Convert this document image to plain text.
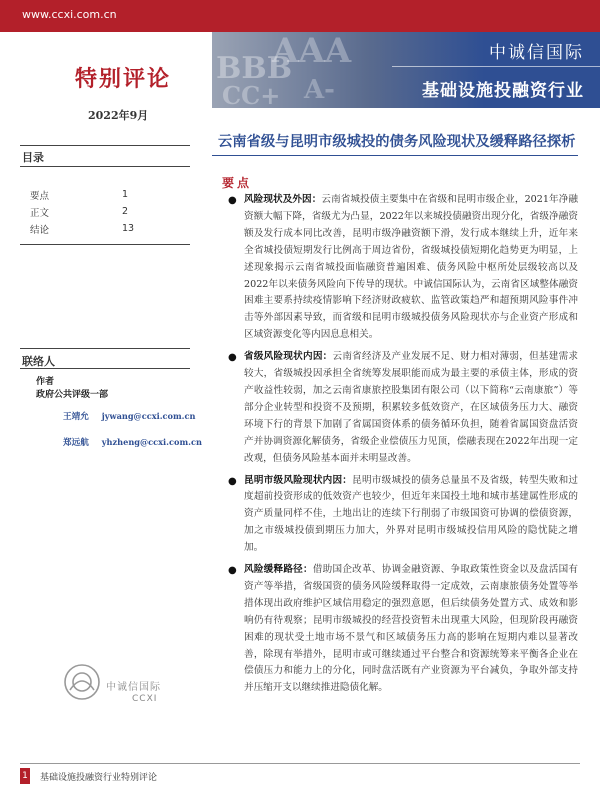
www.ccxi.com.cn
BBB
AAA
CC+ A-
中诚信国际
基础设施投融资行业
特别评论
2022年9月
云南省级与昆明市级城投的债务风险现状及缓释路径探析
目录
要点	1
正文	2
结论	13
联络人
作者
政府公共评级一部
王靖允 jywang@ccxi.com.cn
郑远航 yhzheng@ccxi.com.cn
中诚信国际
CCXI
要点
● 风险现状及外因：云南省城投债主要集中在省级和昆明市级企业，2021年净融资额大幅下降，省级尤为凸显，2022年以来城投债融资出现分化，省级净融资额及发行成本同比改善，昆明市级净融资额下滑，发行成本继续上升，近年来全省城投债短期发行比例高于周边省份，省级城投债短期化趋势更为明显，上述现象揭示云南省城投面临融资普遍困难、债务风险中枢所处层级较高以及2022年以来债务风险向下传导的现状。中诚信国际认为，云南省区域整体融资困难主要系持续疫情影响下经济财政疲软、监管政策趋严和超预期风险事件冲击等外部因素导致，而省级和昆明市级城投债务风险现状亦与企业资产形成和区域资源变化等内因息息相关。
● 省级风险现状内因：云南省经济及产业发展不足、财力相对薄弱，但基建需求较大，省级城投因承担全省统筹发展职能而成为最主要的承债主体，形成的资产收益性较弱，加之云南省康旅控股集团有限公司（以下简称“云南康旅”）等部分企业转型和投资不及预期，积累较多低效资产，在区域债务压力大、融资环境下行的背景下加剧了省属国资体系的债务循环负担，随着省属国资盘活资产并协调资源化解债务，省级企业偿债压力见顶，偿融表现在2022年出现一定改观，但债务风险基本面并未明显改善。
● 昆明市级风险现状内因：昆明市级城投的债务总量虽不及省级，转型失败和过度超前投资形成的低效资产也较少，但近年来国投土地和城市基建属性形成的资产质量同样不佳，土地出让的连续下行削弱了市级国资可协调的偿债资源，加之市级城投债到期压力加大，外界对昆明市级城投信用风险的隐忧陡之增加。
● 风险缓释路径：借助国企改革、协调金融资源、争取政策性资金以及盘活国有资产等举措，省级国资的债务风险缓释取得一定成效，云南康旅债务处置等举措体现出政府维护区域信用稳定的强烈意愿，但后续债务处置方式、成效和影响仍有待观察；昆明市级城投的经营投资暂未出现重大风险，但现阶段再融资困难的现状受土地市场不景气和区域债务压力高的影响在短期内难以显著改善，除现有举措外，昆明市或可继续通过平台整合和资源统筹来平衡各企业在偿债压力和能力上的分化，同时盘活既有产业资源为平台减负，争取外部支持并压缩开支以继续推进隐债化解。
1 基础设施投融资行业特别评论
